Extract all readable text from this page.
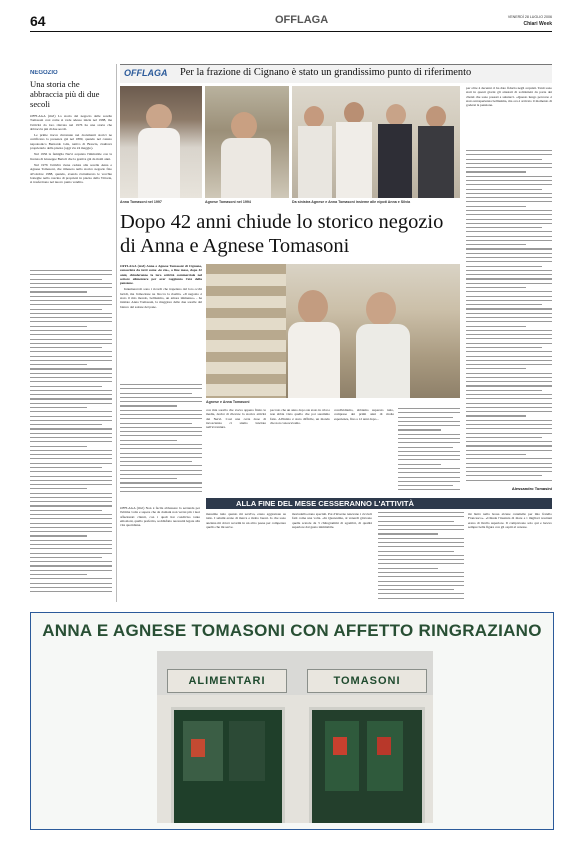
64	OFFLAGA	VENERDÌ 28 LUGLIO 2006
Chiari Week
NEGOZIO
Una storia che abbraccia più di due secoli
OFFLAGA (mvl) La storia del negozio delle sorelle Tomasoni così come si vede adesso inizia nel 1988, ma l'attività da loro rilevata nel 1976 ha una storia che abbraccia più di due secoli.
Le prime tracce rinvenute nei documenti storici ne certificano la presenza già nel 1899, quando nel catasto napoleonico Bernardo Gila, nativo di Brescia, risultava proprietario della piazza (oggi via 24 maggio).
Nel 1936 la famiglia Nervi acquista l'immobile con la licenza di Giuseppe Bertoli che la gestiva già da molti anni.
Nel 1976 l'attività viene ceduta alle sorelle Anna e Agnese Tomasoni, che rimasero nello storico negozio fino all'ottobre 1988, quando, avendo ristrutturato le vecchie botteghe nella cascina di proprietà in piazza della Vittoria, si trasferirono nel nuovo punto vendita.
OFFLAGA Per la frazione di Cignano è stato un grandissimo punto di riferimento
Anna Tomasoni nel 1997	Agnese Tomasoni nel 1994	Da sinistra Agnese e Anna Tomasoni insieme alle nipoti Anna e Silvia
Dopo 42 anni chiude lo storico negozio di Anna e Agnese Tomasoni
OFFLAGA (mvl) Anna e Agnese Tomasoni di Cignano, conosciute da tutti come «le zie», a fine mese, dopo 42 anni, chiuderanno la loro attività commerciale nel settore alimentare per aver raggiunto l'età della pensione.
Innumerevoli sono i ricordi che trapelano dal loro occhi lucidi, ma l'emozione ne blocca la risalita. «Il negozio è stato il mio mondo, bellissimo, un amore immenso» - ha iniziato Anna Tomasoni, la maggiore delle due sorelle dal bianco del salone del pane.
Agnese e Anna Tomasoni
con mia sorella che aveva appena finito le medie, decisi di rilevare la storica attività dei Nervi. Così una certa dose di incoscienza ci siamo lanciate nell'avventura.
peccato che un anno dopo sia stato in crisi e non abbia visto quello che poi saremmo fatto. All'inizio è stato difficile, un mondo che non conoscevamo.
condividiamo, abbiamo superato tutto, comprese dei primi anni di molte esperienze, fino a 12 anni dopo...
per oltre 4 decenni ci ha dato fiducia negli acquisti. Tanti sono stati in questi giorni gli attestati di solidarietà da parte dei clienti che sono passati a salutarci. «Questo lungo percorso è stato un'esperienza bellissima, ma ora è arrivato il momento di godersi la pensione.
Alessandro Tomasini
ALLA FINE DEL MESE CESSERANNO L'ATTIVITÀ
OFFLAGA (mvl) Non è facile abbassare la serranda per l'ultima volta e sapere che da domani non verrai più i tuoi affezionati clienti, con i quali hai condiviso tante emozioni, quello preferito, soddisfatto necessità legate alla vita quotidiana.
massimo tutto quanto mi serviva, erano aggiornate su tutto. I salumi erano di marca e molto buoni. Io che sono anziana mi dovrò recarmi in un altro paese per comperare quello che mi serve.
mortadella erano speciali. Poi d'inverno tenevano i ciccioli fatti come una volta. «In Quaresima, al venerdì giravano quelle scatole da 3 chilogrammi di sgombri, di qualità superiore dal gusto inimitabile.
mi buttò nella bossa alcune caramelle per mio fratello Francesco». «Chiude l'insalata di mare e i migliori nostrani erano di livello superiore. Il compravano solo qui e lucevo sempre bella figura con gli ospiti al cenone.
ANNA E AGNESE TOMASONI CON AFFETTO RINGRAZIANO
ALIMENTARI	TOMASONI
